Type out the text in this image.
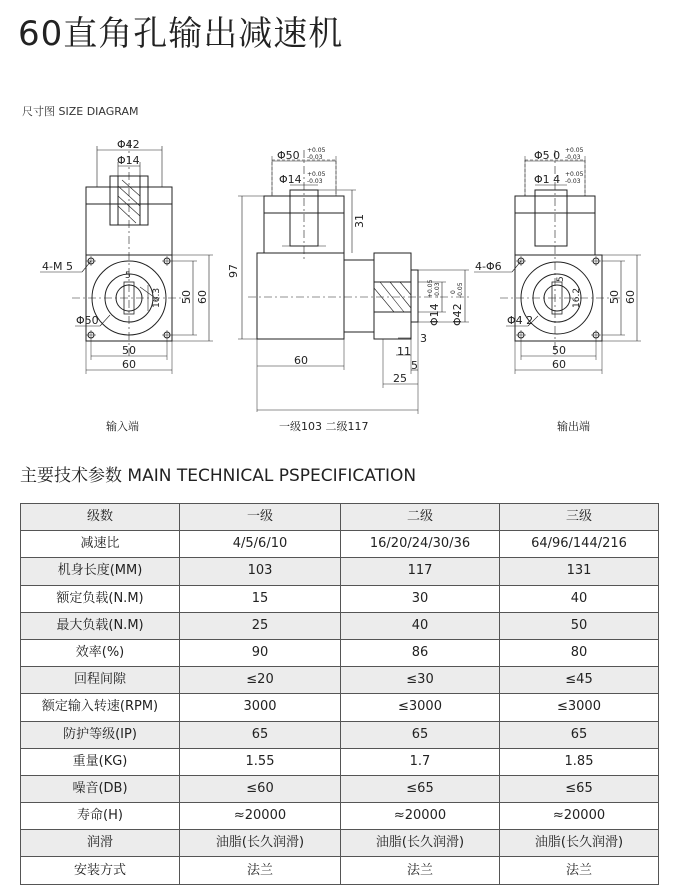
60直角孔输出减速机
尺寸图 SIZE DIAGRAM
Φ42
Φ14
4-M 5
5
16.3
Φ50
50 60
50
60
输入端
Φ50 +0.05
-0.03
Φ14 +0.05
-0.03
31
97
60
Φ14
+0.05 -0.03
Φ42
0 -0.05
3
11
5
25
一级103 二级117
Φ5 0 +0.05
-0.03
Φ1 4 +0.05
-0.03
4-Φ6
5
16.2
Φ4 2
50 60
50
60
输出端
主要技术参数 MAIN TECHNICAL PSPECIFICATION
级数	一级	二级	三级
减速比	4/5/6/10	16/20/24/30/36	64/96/144/216
机身长度(MM)	103	117	131
额定负载(N.M)	15	30	40
最大负载(N.M)	25	40	50
效率(%)	90	86	80
回程间隙	≤20	≤30	≤45
额定输入转速(RPM)	3000	≤3000	≤3000
防护等级(IP)	65	65	65
重量(KG)	1.55	1.7	1.85
噪音(DB)	≤60	≤65	≤65
寿命(H)	≈20000	≈20000	≈20000
润滑	油脂(长久润滑)	油脂(长久润滑)	油脂(长久润滑)
安装方式	法兰	法兰	法兰
